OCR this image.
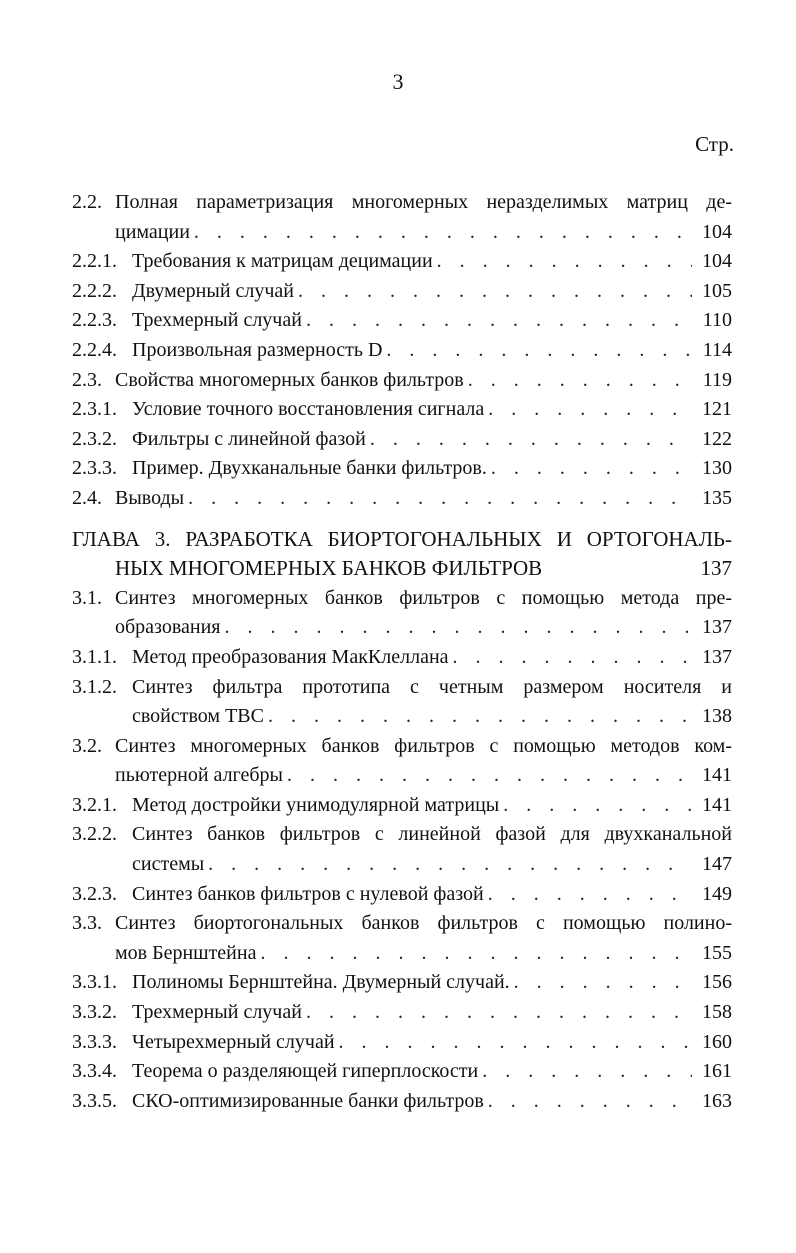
3
Стр.
2.2. Полная параметризация многомерных неразделимых матриц де-
цимации . . .	104
2.2.1. Требования к матрицам децимации . . .	104
2.2.2. Двумерный случай . . .	105
2.2.3. Трехмерный случай . . .	110
2.2.4. Произвольная размерность D . . .	114
2.3. Свойства многомерных банков фильтров . . .	119
2.3.1. Условие точного восстановления сигнала . . .	121
2.3.2. Фильтры с линейной фазой . . .	122
2.3.3. Пример. Двухканальные банки фильтров. . . .	130
2.4. Выводы . . .	135
ГЛАВА 3. РАЗРАБОТКА БИОРТОГОНАЛЬНЫХ И ОРТОГОНАЛЬ-
НЫХ МНОГОМЕРНЫХ БАНКОВ ФИЛЬТРОВ	137
3.1. Синтез многомерных банков фильтров с помощью метода пре-
образования . . .	137
3.1.1. Метод преобразования МакКлеллана . . .	137
3.1.2. Синтез фильтра прототипа с четным размером носителя и
свойством ТВС . . .	138
3.2. Синтез многомерных банков фильтров с помощью методов ком-
пьютерной алгебры . . .	141
3.2.1. Метод достройки унимодулярной матрицы . . .	141
3.2.2. Синтез банков фильтров с линейной фазой для двухканальной
системы . . .	147
3.2.3. Синтез банков фильтров с нулевой фазой . . .	149
3.3. Синтез биортогональных банков фильтров с помощью полино-
мов Бернштейна . . .	155
3.3.1. Полиномы Бернштейна. Двумерный случай. . . .	156
3.3.2. Трехмерный случай . . .	158
3.3.3. Четырехмерный случай . . .	160
3.3.4. Теорема о разделяющей гиперплоскости . . .	161
3.3.5. СКО-оптимизированные банки фильтров . . .	163
